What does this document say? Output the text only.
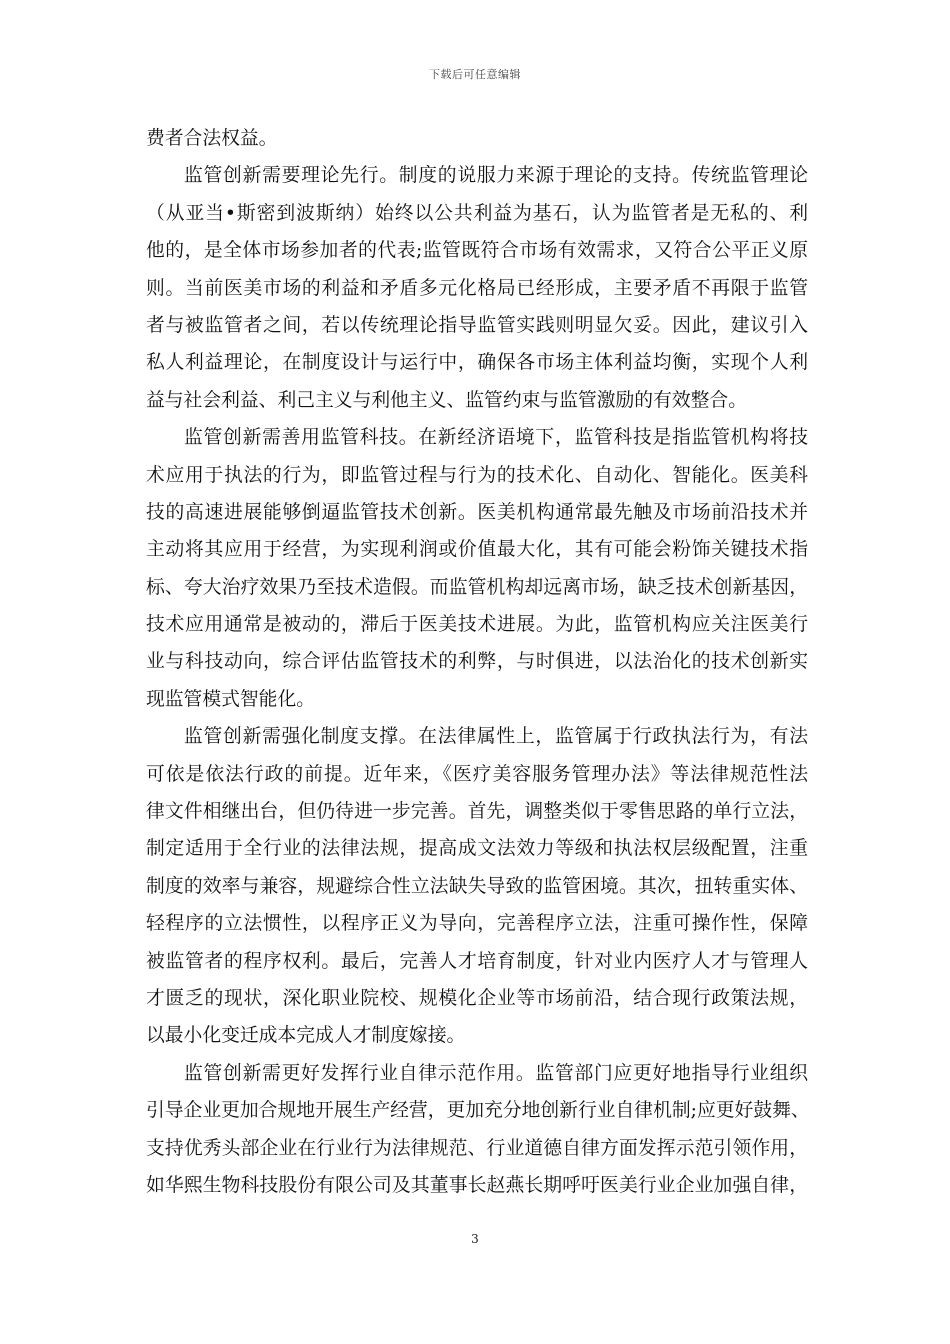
下载后可任意编辑
费者合法权益。
监管创新需要理论先行。制度的说服力来源于理论的支持。传统监管理论
（从亚当•斯密到波斯纳）始终以公共利益为基石，认为监管者是无私的、利
他的，是全体市场参加者的代表;监管既符合市场有效需求，又符合公平正义原
则。当前医美市场的利益和矛盾多元化格局已经形成，主要矛盾不再限于监管
者与被监管者之间，若以传统理论指导监管实践则明显欠妥。因此，建议引入
私人利益理论，在制度设计与运行中，确保各市场主体利益均衡，实现个人利
益与社会利益、利己主义与利他主义、监管约束与监管激励的有效整合。
监管创新需善用监管科技。在新经济语境下，监管科技是指监管机构将技
术应用于执法的行为，即监管过程与行为的技术化、自动化、智能化。医美科
技的高速进展能够倒逼监管技术创新。医美机构通常最先触及市场前沿技术并
主动将其应用于经营，为实现利润或价值最大化，其有可能会粉饰关键技术指
标、夸大治疗效果乃至技术造假。而监管机构却远离市场，缺乏技术创新基因，
技术应用通常是被动的，滞后于医美技术进展。为此，监管机构应关注医美行
业与科技动向，综合评估监管技术的利弊，与时俱进，以法治化的技术创新实
现监管模式智能化。
监管创新需强化制度支撑。在法律属性上，监管属于行政执法行为，有法
可依是依法行政的前提。近年来，《医疗美容服务管理办法》等法律规范性法
律文件相继出台，但仍待进一步完善。首先，调整类似于零售思路的单行立法，
制定适用于全行业的法律法规，提高成文法效力等级和执法权层级配置，注重
制度的效率与兼容，规避综合性立法缺失导致的监管困境。其次，扭转重实体、
轻程序的立法惯性，以程序正义为导向，完善程序立法，注重可操作性，保障
被监管者的程序权利。最后，完善人才培育制度，针对业内医疗人才与管理人
才匮乏的现状，深化职业院校、规模化企业等市场前沿，结合现行政策法规，
以最小化变迁成本完成人才制度嫁接。
监管创新需更好发挥行业自律示范作用。监管部门应更好地指导行业组织
引导企业更加合规地开展生产经营，更加充分地创新行业自律机制;应更好鼓舞、
支持优秀头部企业在行业行为法律规范、行业道德自律方面发挥示范引领作用，
如华熙生物科技股份有限公司及其董事长赵燕长期呼吁医美行业企业加强自律，
3
